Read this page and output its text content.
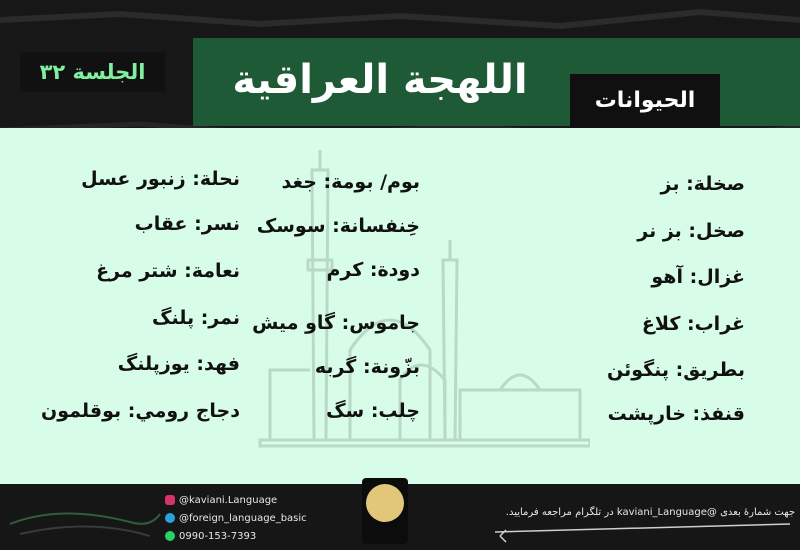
اللهجة العراقية
الجلسة ٣٢
الحيوانات
صخلة: بز
صخل: بز نر
غزال: آهو
غراب: کلاغ
بطريق: پنگوئن
قنفذ: خارپشت
بوم/ بومة: جغد
خِنفسانة: سوسک
دودة: کرم
جاموس: گاو میش
بزّونة: گربه
چلب: سگ
نحلة: زنبور عسل
نسر: عقاب
نعامة: شتر مرغ
نمر: پلنگ
فهد: یوزپلنگ
دجاج رومي: بوقلمون
@kaviani.Language
@foreign_language_basic
0990-153-7393
جهت شمارهٔ بعدی @kaviani_Language در تلگرام مراجعه فرمایید.
